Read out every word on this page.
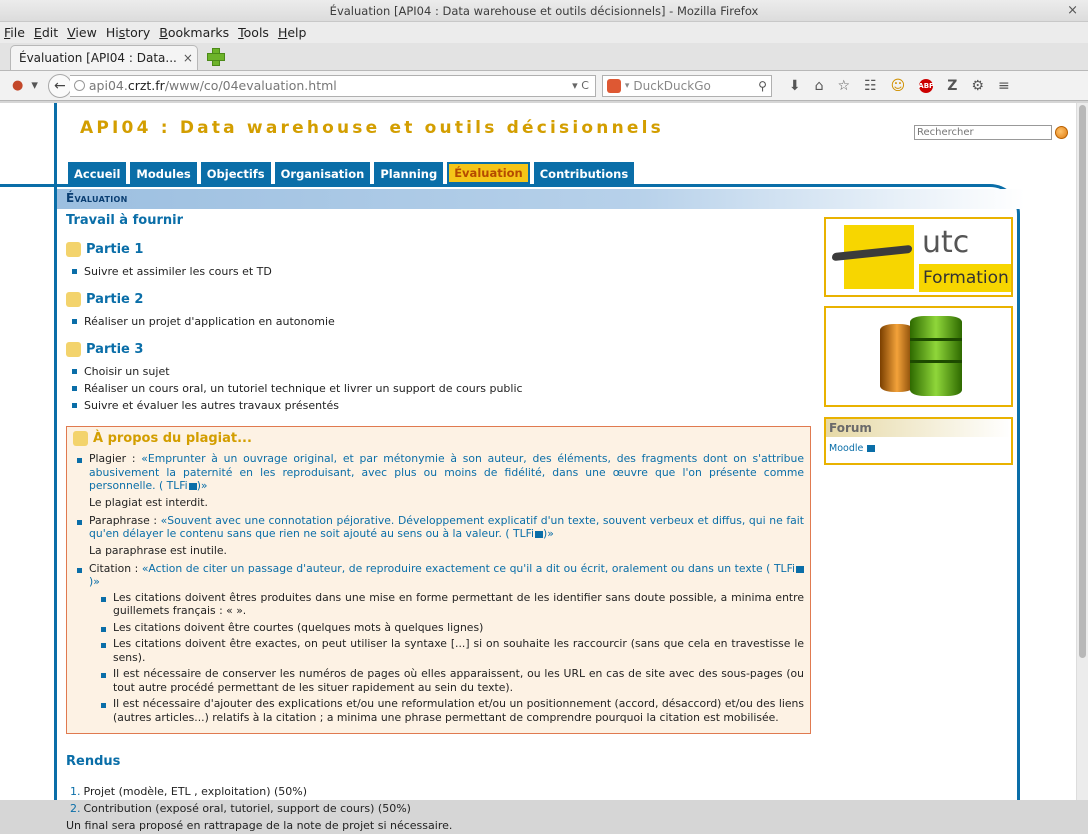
Évaluation [API04 : Data warehouse et outils décisionnels] - Mozilla Firefox	×
File Edit View History Bookmarks Tools Help
Évaluation [API04 : Data... ×
● ▾ ← api04.crzt.fr/www/co/04evaluation.html	▾ C	▾ DuckDuckGo	⚲ ⬇ ⌂ ☆ ☷ ☺ ABP Z ⚙ ≡
API04 : Data warehouse et outils décisionnels
Rechercher
Accueil	Modules	Objectifs	Organisation	Planning	Évaluation	Contributions
Évaluation
Travail à fournir
Partie 1
Suivre et assimiler les cours et TD
Partie 2
Réaliser un projet d'application en autonomie
Partie 3
Choisir un sujet
Réaliser un cours oral, un tutoriel technique et livrer un support de cours public
Suivre et évaluer les autres travaux présentés
À propos du plagiat...
Plagier : «Emprunter à un ouvrage original, et par métonymie à son auteur, des éléments, des fragments dont on s'attribue abusivement la paternité en les reproduisant, avec plus ou moins de fidélité, dans une œuvre que l'on présente comme personnelle. ( TLFi )»
Le plagiat est interdit.
Paraphrase : «Souvent avec une connotation péjorative. Développement explicatif d'un texte, souvent verbeux et diffus, qui ne fait qu'en délayer le contenu sans que rien ne soit ajouté au sens ou à la valeur. ( TLFi )»
La paraphrase est inutile.
Citation : «Action de citer un passage d'auteur, de reproduire exactement ce qu'il a dit ou écrit, oralement ou dans un texte ( TLFi)»
Les citations doivent êtres produites dans une mise en forme permettant de les identifier sans doute possible, a minima entre guillemets français : « ».
Les citations doivent être courtes (quelques mots à quelques lignes)
Les citations doivent être exactes, on peut utiliser la syntaxe [...] si on souhaite les raccourcir (sans que cela en travestisse le sens).
Il est nécessaire de conserver les numéros de pages où elles apparaissent, ou les URL en cas de site avec des sous-pages (ou tout autre procédé permettant de les situer rapidement au sein du texte).
Il est nécessaire d'ajouter des explications et/ou une reformulation et/ou un positionnement (accord, désaccord) et/ou des liens (autres articles...) relatifs à la citation ; a minima une phrase permettant de comprendre pourquoi la citation est mobilisée.
Rendus
1. Projet (modèle, ETL , exploitation) (50%)
2. Contribution (exposé oral, tutoriel, support de cours) (50%)
Un final sera proposé en rattrapage de la note de projet si nécessaire.
utc
Formation
Forum
Moodle
